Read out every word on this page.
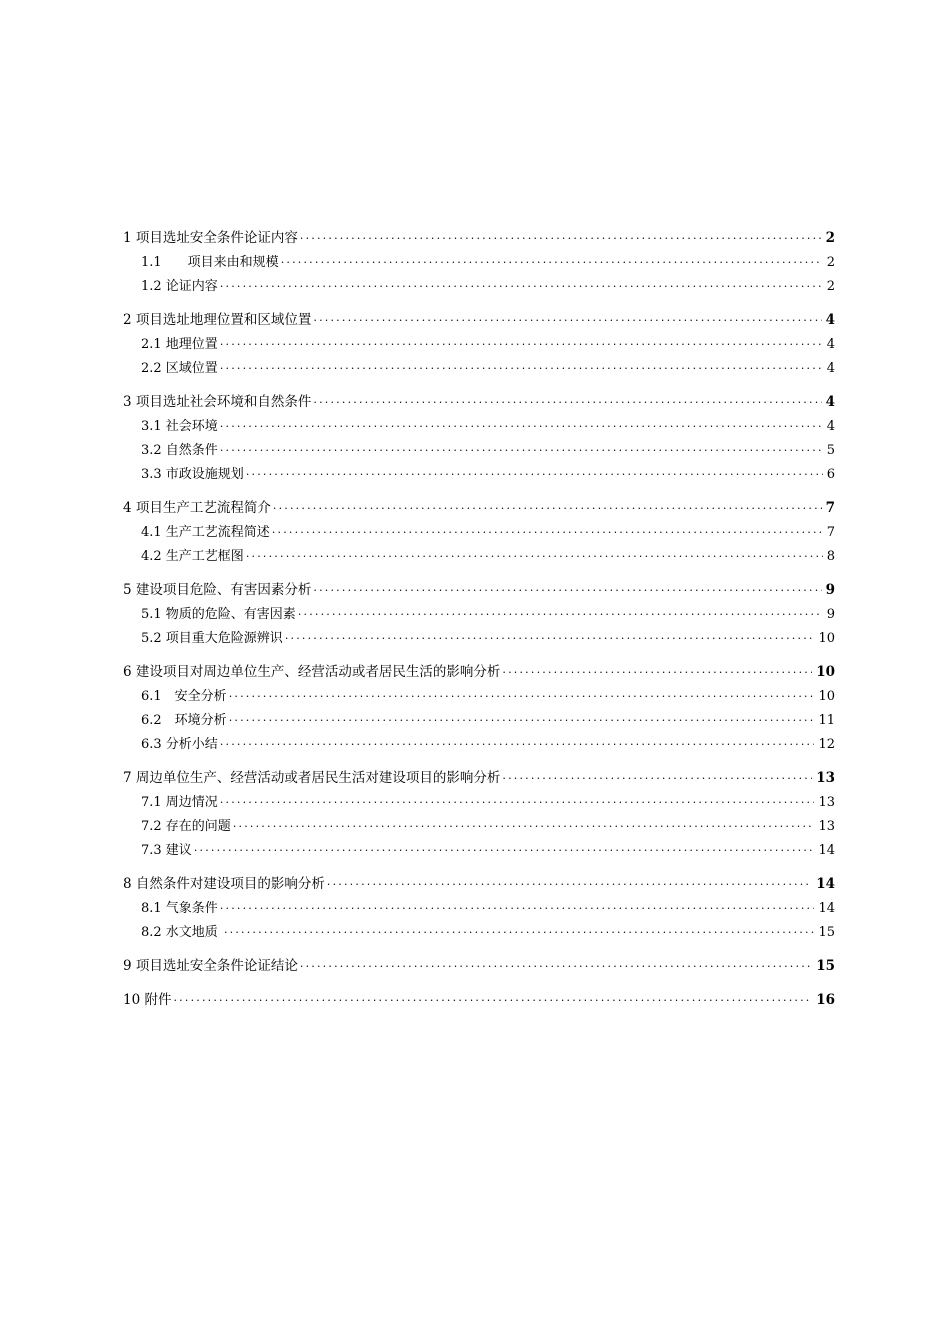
1 项目选址安全条件论证内容 .....	2
1.1　　项目来由和规模 .....	2
1.2 论证内容 .....	2
2 项目选址地理位置和区域位置 .....	4
2.1 地理位置 .....	4
2.2 区域位置 .....	4
3 项目选址社会环境和自然条件 .....	4
3.1 社会环境 .....	4
3.2 自然条件 .....	5
3.3 市政设施规划 .....	6
4 项目生产工艺流程简介 .....	7
4.1 生产工艺流程简述 .....	7
4.2 生产工艺框图 .....	8
5 建设项目危险、有害因素分析 .....	9
5.1 物质的危险、有害因素 .....	9
5.2 项目重大危险源辨识 .....	10
6 建设项目对周边单位生产、经营活动或者居民生活的影响分析 .....	10
6.1　安全分析 .....	10
6.2　环境分析 .....	11
6.3 分析小结 .....	12
7 周边单位生产、经营活动或者居民生活对建设项目的影响分析 .....	13
7.1 周边情况 .....	13
7.2 存在的问题 .....	13
7.3 建议 .....	14
8 自然条件对建设项目的影响分析 .....	14
8.1 气象条件 .....	14
8.2 水文地质 .....	15
9 项目选址安全条件论证结论 .....	15
10 附件 .....	16
